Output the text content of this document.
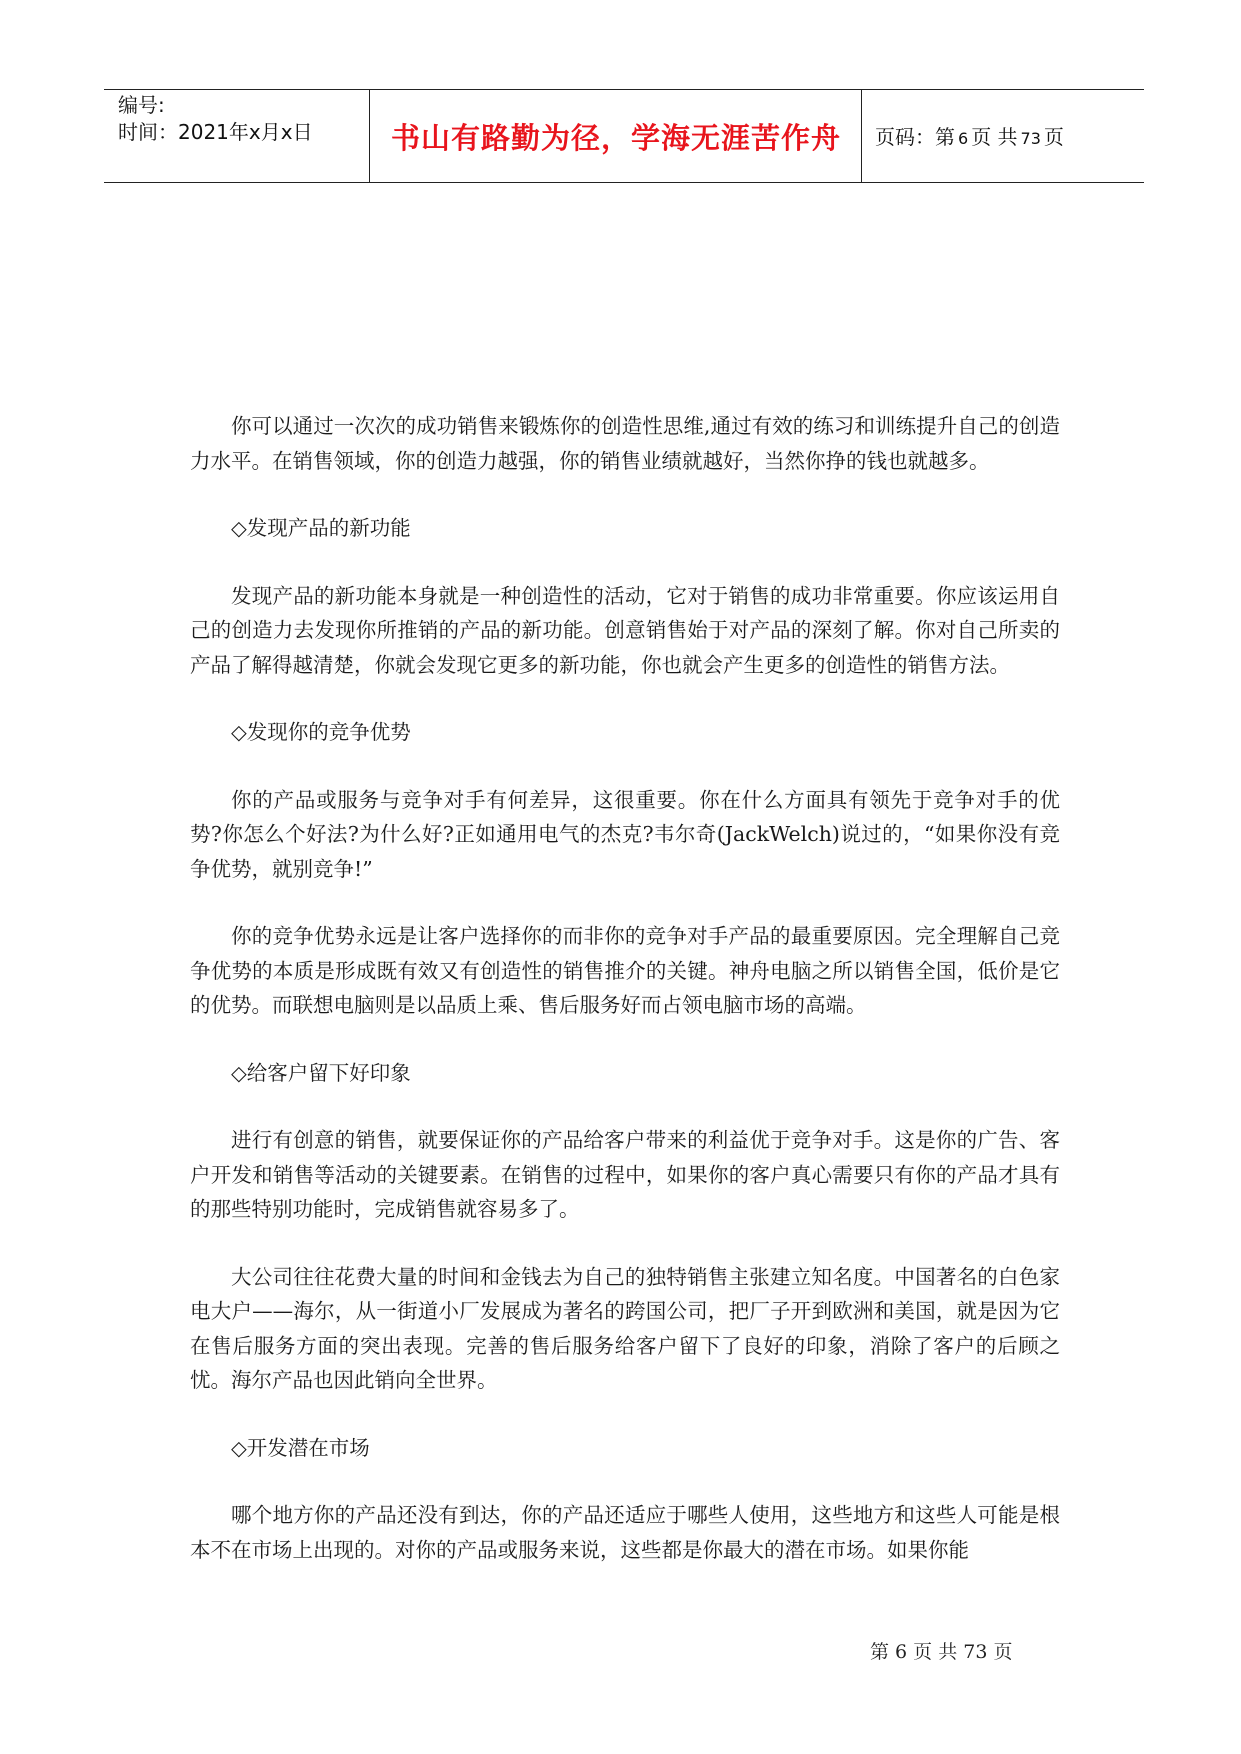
编号:
时间：2021年x月x日	书山有路勤为径，学海无涯苦作舟	页码：第 6 页 共 73 页

你可以通过一次次的成功销售来锻炼你的创造性思维,通过有效的练习和训练提升自己的创造力水平。在销售领域，你的创造力越强，你的销售业绩就越好，当然你挣的钱也就越多。

◇发现产品的新功能

发现产品的新功能本身就是一种创造性的活动，它对于销售的成功非常重要。你应该运用自己的创造力去发现你所推销的产品的新功能。创意销售始于对产品的深刻了解。你对自己所卖的产品了解得越清楚，你就会发现它更多的新功能，你也就会产生更多的创造性的销售方法。

◇发现你的竞争优势

你的产品或服务与竞争对手有何差异，这很重要。你在什么方面具有领先于竞争对手的优势?你怎么个好法?为什么好?正如通用电气的杰克?韦尔奇(JackWelch)说过的，“如果你没有竞争优势，就别竞争!”

你的竞争优势永远是让客户选择你的而非你的竞争对手产品的最重要原因。完全理解自己竞争优势的本质是形成既有效又有创造性的销售推介的关键。神舟电脑之所以销售全国，低价是它的优势。而联想电脑则是以品质上乘、售后服务好而占领电脑市场的高端。

◇给客户留下好印象

进行有创意的销售，就要保证你的产品给客户带来的利益优于竞争对手。这是你的广告、客户开发和销售等活动的关键要素。在销售的过程中，如果你的客户真心需要只有你的产品才具有的那些特别功能时，完成销售就容易多了。

大公司往往花费大量的时间和金钱去为自己的独特销售主张建立知名度。中国著名的白色家电大户——海尔，从一街道小厂发展成为著名的跨国公司，把厂子开到欧洲和美国，就是因为它在售后服务方面的突出表现。完善的售后服务给客户留下了良好的印象，消除了客户的后顾之忧。海尔产品也因此销向全世界。

◇开发潜在市场

哪个地方你的产品还没有到达，你的产品还适应于哪些人使用，这些地方和这些人可能是根本不在市场上出现的。对你的产品或服务来说，这些都是你最大的潜在市场。如果你能

第 6 页 共 73 页
